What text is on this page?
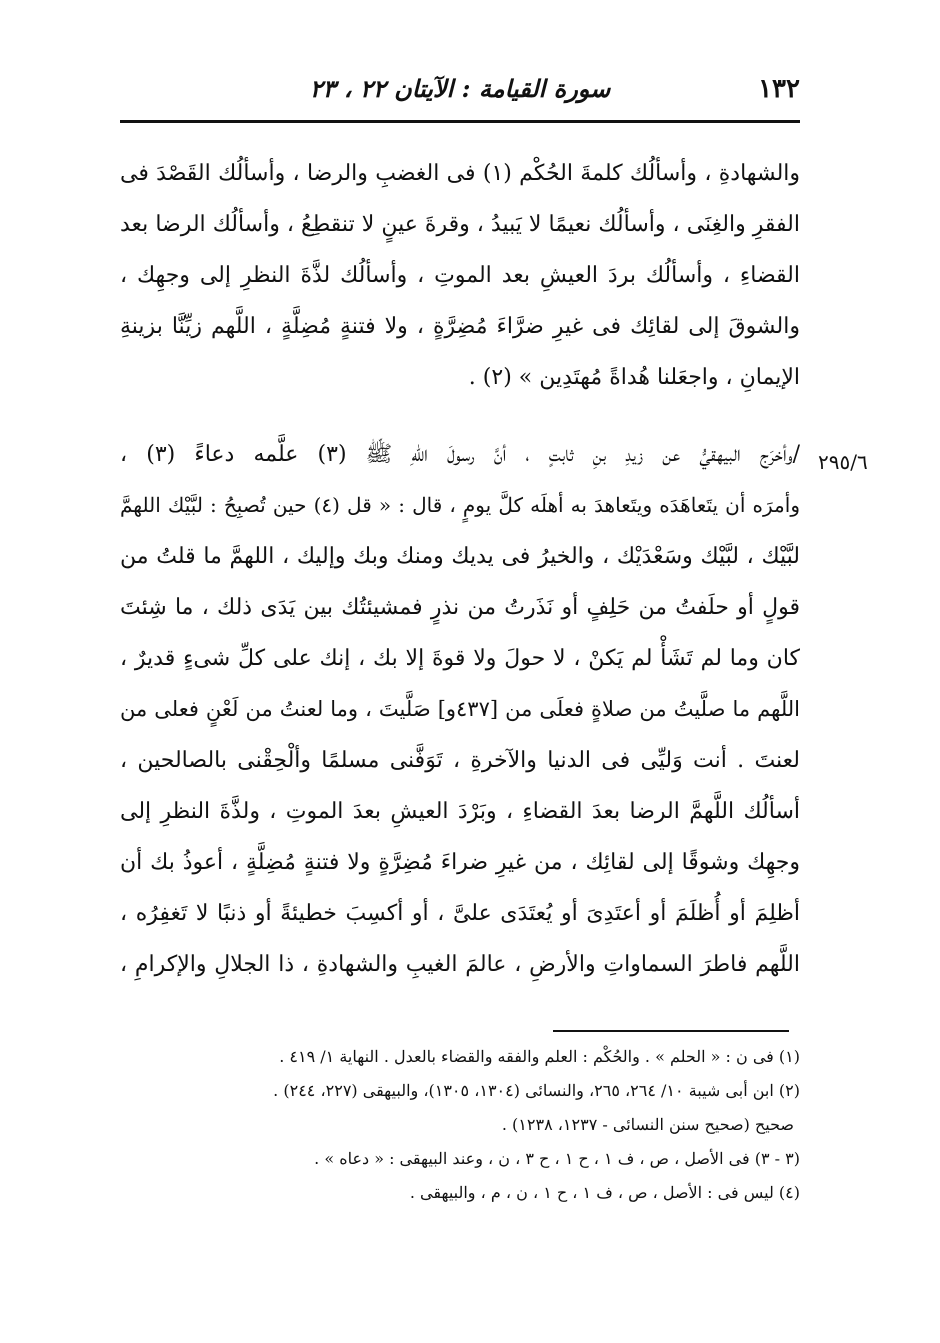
١٣٢
سورة القيامة : الآيتان ٢٢ ، ٢٣
٢٩٥/٦
والشهادةِ ، وأسألُك كلمةَ الحُكْم (١) فى الغضبِ والرضا ، وأسألُك القَصْدَ فى
الفقرِ والغِنَى ، وأسألُك نعيمًا لا يَبيدُ ، وقرةَ عينٍ لا تنقطِعُ ، وأسألُك الرضا بعد
القضاءِ ، وأسألُك بردَ العيشِ بعد الموتِ ، وأسألُك لذَّةَ النظرِ إلى وجهِك ،
والشوقَ إلى لقائِك فى غيرِ ضرَّاءَ مُضِرَّةٍ ، ولا فتنةٍ مُضِلَّةٍ ، اللَّهم زيِّنَّا بزينةِ
الإيمانِ ، واجعَلنا هُداةً مُهتَدِين » (٢) .
/وأخرَج البيهقيُّ عن زيدِ بنِ ثابتٍ ، أنَّ رسولَ اللهِ ﷺ (٣) علَّمه دعاءً (٣) ،
وأمرَه أن يتَعاهَدَه ويتَعاهدَ به أهلَه كلَّ يومٍ ، قال : « قل (٤) حين تُصبِحُ : لبَّيْك اللهمَّ
لبَّيْك ، لبَّيْك وسَعْدَيْك ، والخيرُ فى يديك ومنك وبك وإليك ، اللهمَّ ما قلتُ من
قولٍ أو حلَفتُ من حَلِفٍ أو نَذَرتُ من نذرٍ فمشيئتُك بين يَدَى ذلك ، ما شِئتَ
كان وما لم تَشَأْ لم يَكنْ ، لا حولَ ولا قوةَ إلا بك ، إنك على كلِّ شىءٍ قديرٌ ،
اللَّهم ما صلَّيتُ من صلاةٍ فعلَى من [٤٣٧و] صَلَّيتَ ، وما لعنتُ من لَعْنٍ فعلى من
لعنتَ . أنت وَليِّى فى الدنيا والآخرةِ ، تَوَفَّنى مسلمًا وألْحِقْنى بالصالحين ،
أسألُك اللَّهمَّ الرضا بعدَ القضاءِ ، وبَرْدَ العيشِ بعدَ الموتِ ، ولذَّةَ النظرِ إلى
وجهِك وشوقًا إلى لقائِك ، من غيرِ ضراءَ مُضِرَّةٍ ولا فتنةٍ مُضِلَّةٍ ، أعوذُ بك أن
أظلِمَ أو أُظلَمَ أو أعتَدِىَ أو يُعتَدَى علىَّ ، أو أكسِبَ خطيئةً أو ذنبًا لا تَغفِرُه ،
اللَّهم فاطرَ السماواتِ والأرضِ ، عالمَ الغيبِ والشهادةِ ، ذا الجلالِ والإكرامِ ،
(١) فى ن : « الحلم » . والحُكْم : العلم والفقه والقضاء بالعدل . النهاية ١/ ٤١٩ .
(٢) ابن أبى شيبة ١٠/ ٢٦٤، ٢٦٥، والنسائى (١٣٠٤، ١٣٠٥)، والبيهقى (٢٢٧، ٢٤٤) .
صحيح (صحيح سنن النسائى - ١٢٣٧، ١٢٣٨) .
(٣ - ٣) فى الأصل ، ص ، ف ١ ، ح ١ ، ح ٣ ، ن ، وعند البيهقى : « دعاه » .
(٤) ليس فى : الأصل ، ص ، ف ١ ، ح ١ ، ن ، م ، والبيهقى .
